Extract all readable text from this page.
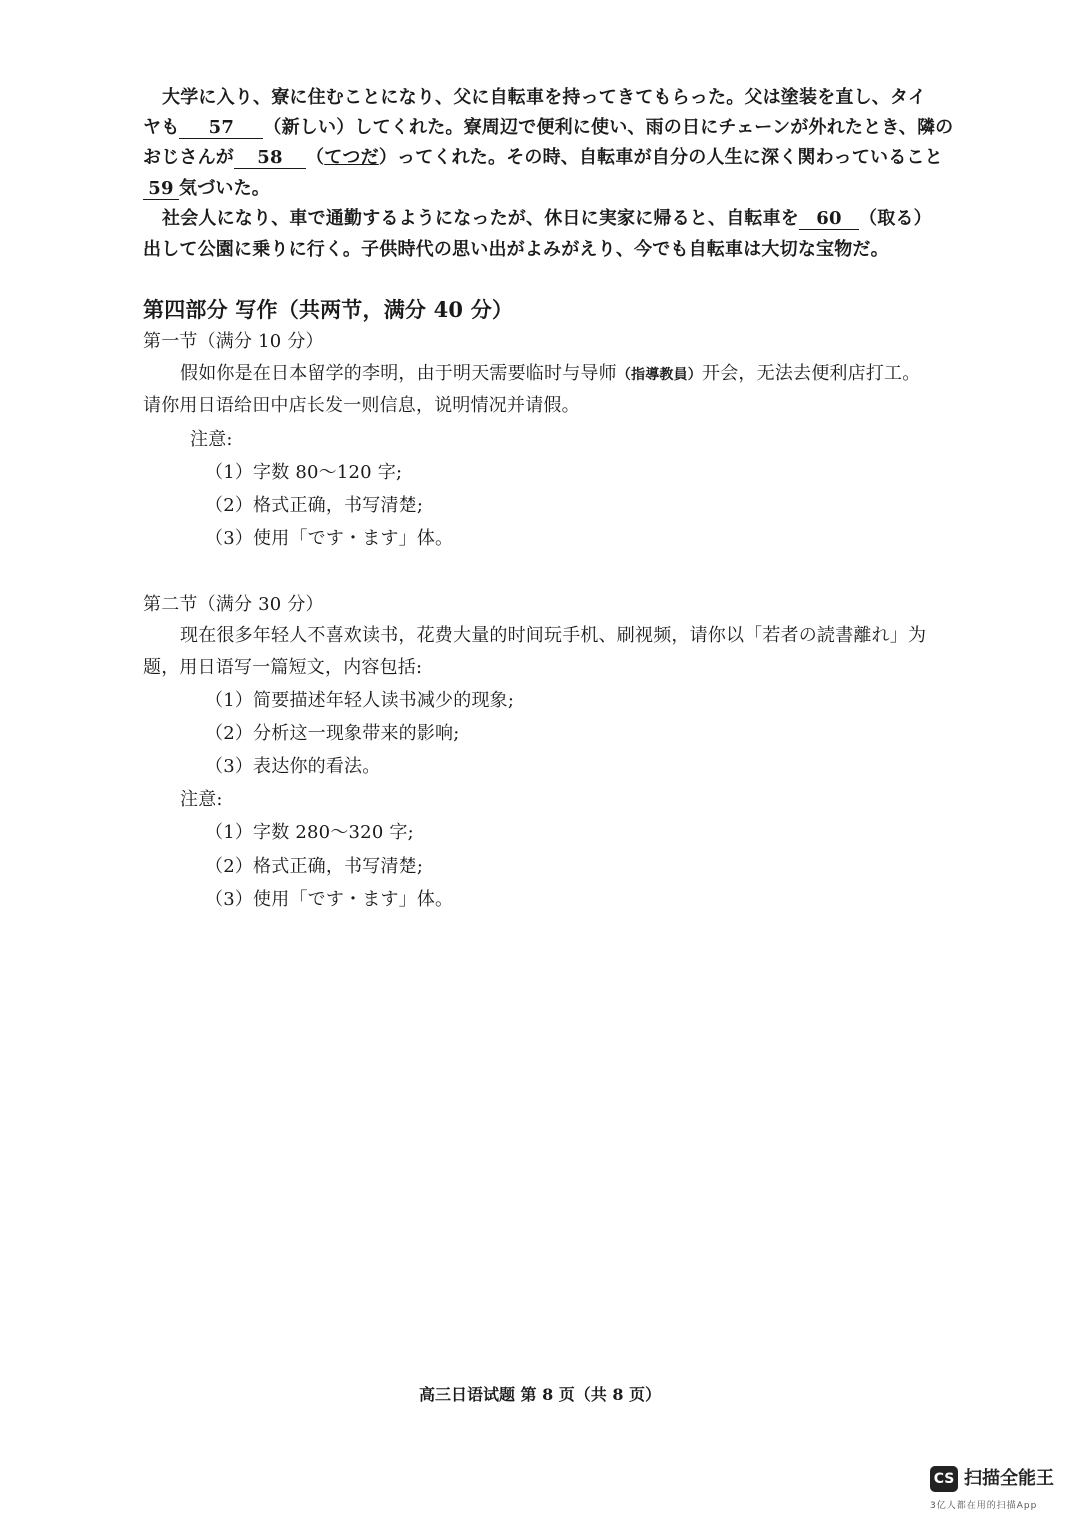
大学に入り、寮に住むことになり、父に自転車を持ってきてもらった。父は塗装を直し、タイ
ヤも 57 （新しい）してくれた。寮周辺で便利に使い、雨の日にチェーンが外れたとき、隣の
おじさんが 58 （てつだ）ってくれた。その時、自転車が自分の人生に深く関わっていること
59 気づいた。
社会人になり、車で通勤するようになったが、休日に実家に帰ると、自転車を 60 （取る）
出して公園に乗りに行く。子供時代の思い出がよみがえり、今でも自転車は大切な宝物だ。
第四部分 写作（共两节，满分 40 分）
第一节（满分 10 分）
假如你是在日本留学的李明，由于明天需要临时与导师（指導教員）开会，无法去便利店打工。
请你用日语给田中店长发一则信息，说明情况并请假。
注意:
（1）字数 80～120 字;
（2）格式正确，书写清楚;
（3）使用「です・ます」体。
第二节（满分 30 分）
现在很多年轻人不喜欢读书，花费大量的时间玩手机、刷视频，请你以「若者の読書離れ」为
题，用日语写一篇短文，内容包括:
（1）简要描述年轻人读书减少的现象;
（2）分析这一现象带来的影响;
（3）表达你的看法。
注意:
（1）字数 280～320 字;
（2）格式正确，书写清楚;
（3）使用「です・ます」体。
高三日语试题 第 8 页（共 8 页）
CS 扫描全能王
3亿人都在用的扫描App
